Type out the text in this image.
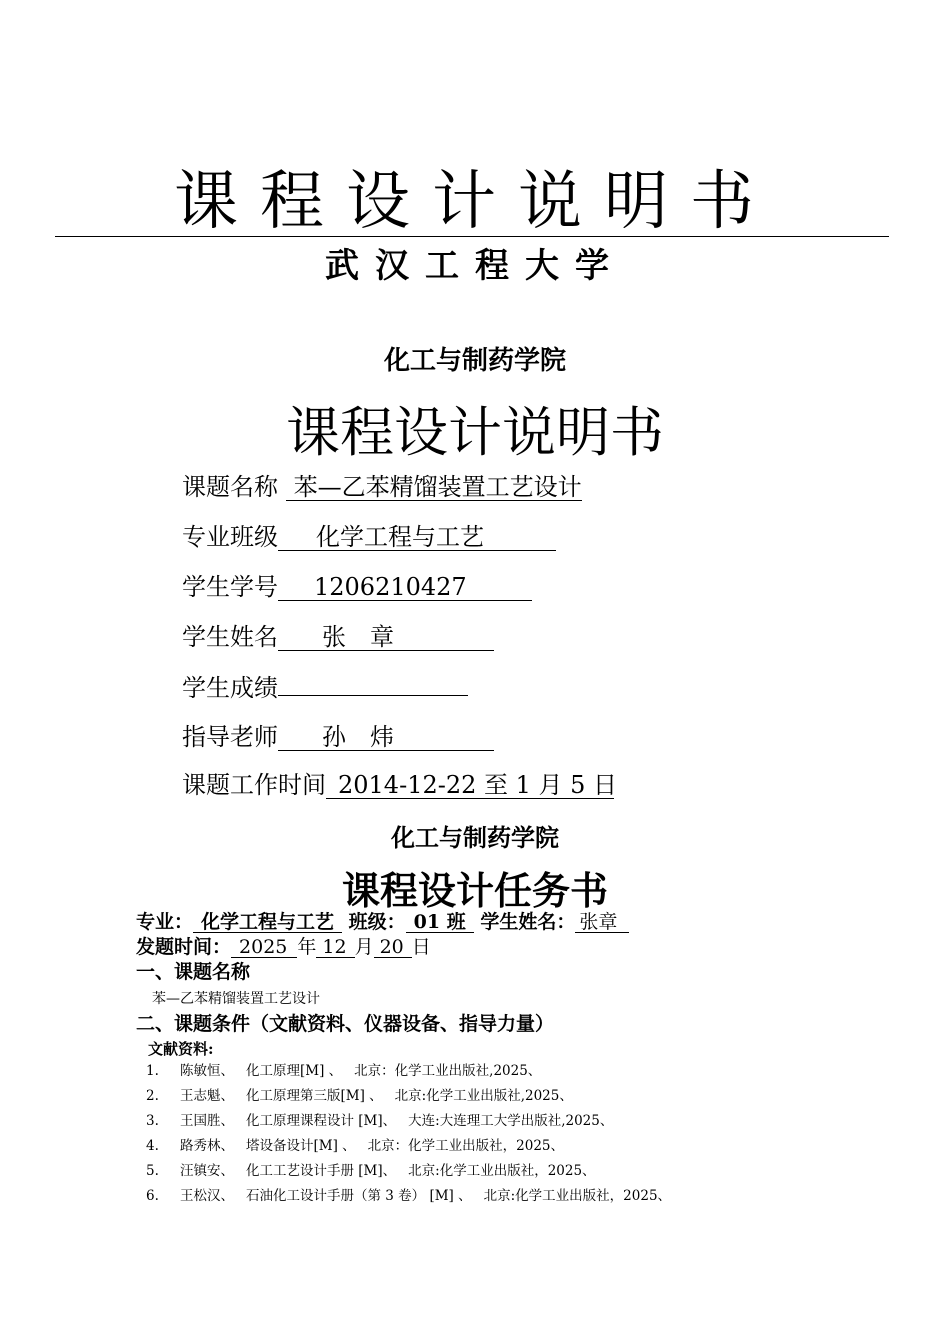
课程设计说明书
武汉工程大学
化工与制药学院
课程设计说明书
课题名称 苯—乙苯精馏装置工艺设计
专业班级 化学工程与工艺
学生学号 1206210427
学生姓名 张　章
学生成绩
指导老师 孙　炜
课题工作时间 2014-12-22 至 1 月 5 日
化工与制药学院
课程设计任务书
专业： 化学工程与工艺 班级： 01 班 学生姓名： 张章
发题时间： 2025 年 12 月 20 日
一、课题名称
苯—乙苯精馏装置工艺设计
二、课题条件（文献资料、仪器设备、指导力量）
文献资料:
1. 陈敏恒、 化工原理[M] 、 北京：化学工业出版社,2025、
2. 王志魁、 化工原理第三版[M] 、 北京:化学工业出版社,2025、
3. 王国胜、 化工原理课程设计 [M]、 大连:大连理工大学出版社,2025、
4. 路秀林、 塔设备设计[M] 、 北京：化学工业出版社，2025、
5. 汪镇安、 化工工艺设计手册 [M]、 北京:化学工业出版社，2025、
6. 王松汉、 石油化工设计手册（第 3 卷） [M] 、 北京:化学工业出版社，2025、
